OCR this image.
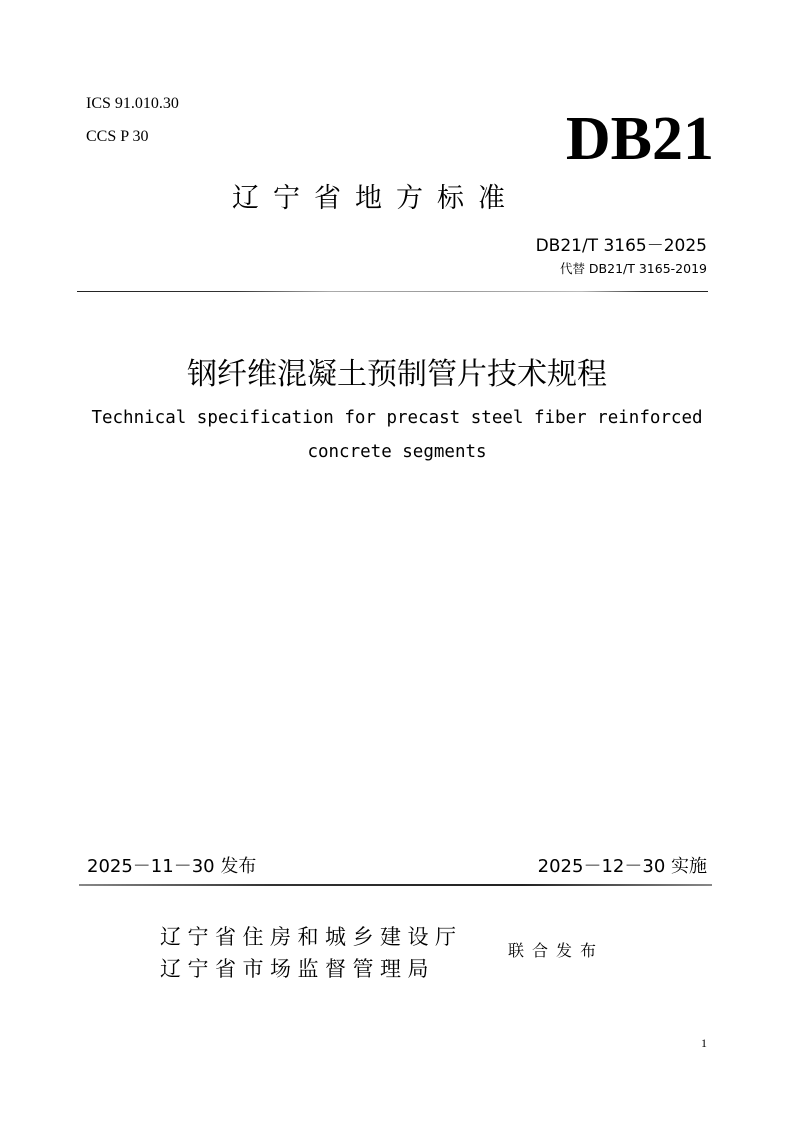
ICS 91.010.30
CCS P 30	DB21
辽宁省地方标准
DB21/T 3165－2025
代替 DB21/T 3165-2019
钢纤维混凝土预制管片技术规程
Technical specification for precast steel fiber reinforced
concrete segments
2025－11－30 发布	2025－12－30 实施
辽宁省住房和城乡建设厅
辽宁省市场监督管理局
联合发布
1
